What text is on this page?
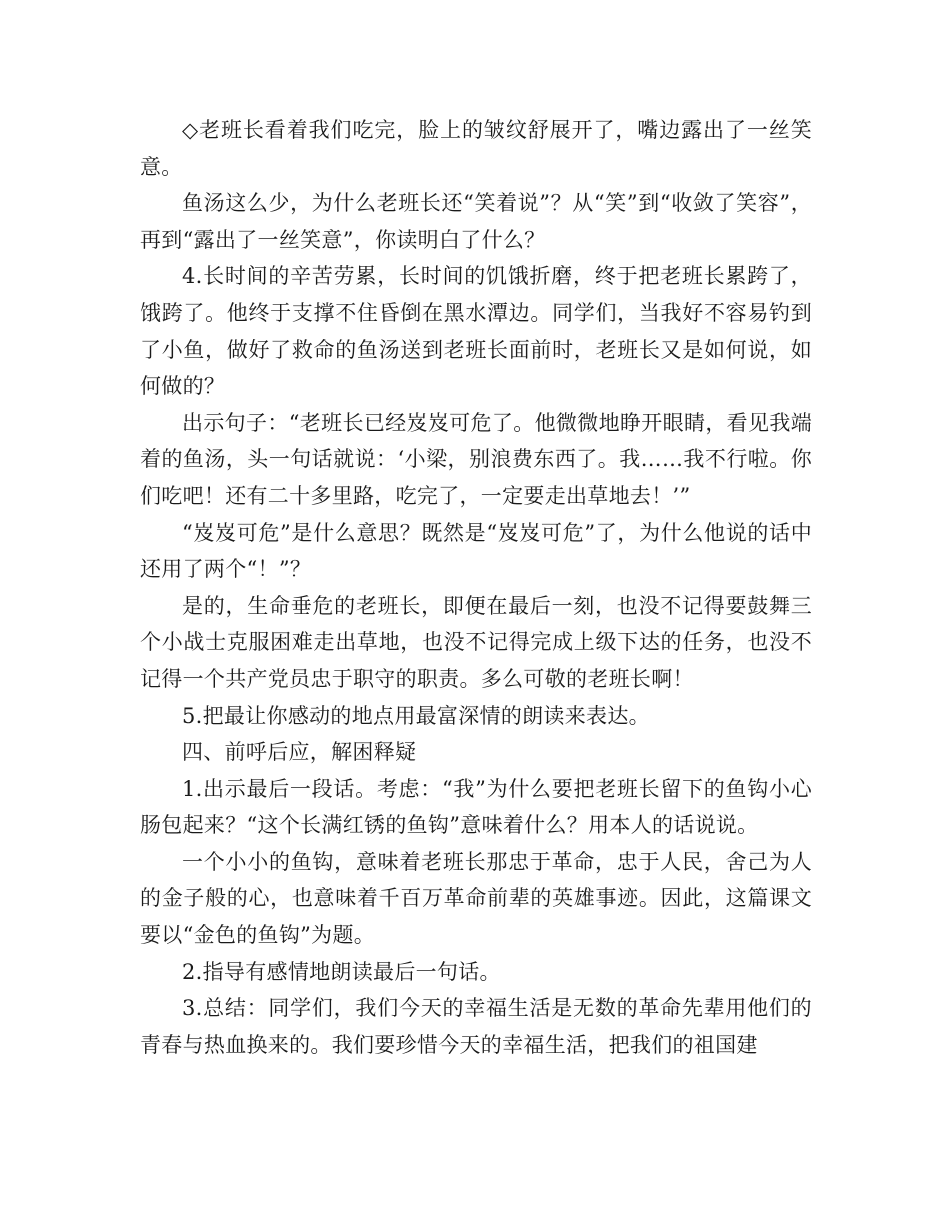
◇老班长看着我们吃完，脸上的皱纹舒展开了，嘴边露出了一丝笑意。

鱼汤这么少，为什么老班长还“笑着说”？从“笑”到“收敛了笑容”，再到“露出了一丝笑意”，你读明白了什么？

4.长时间的辛苦劳累，长时间的饥饿折磨，终于把老班长累跨了，饿跨了。他终于支撑不住昏倒在黑水潭边。同学们，当我好不容易钓到了小鱼，做好了救命的鱼汤送到老班长面前时，老班长又是如何说，如何做的？

出示句子：“老班长已经岌岌可危了。他微微地睁开眼睛，看见我端着的鱼汤，头一句话就说：‘小梁，别浪费东西了。我……我不行啦。你们吃吧！还有二十多里路，吃完了，一定要走出草地去！’”

“岌岌可危”是什么意思？既然是“岌岌可危”了，为什么他说的话中还用了两个“！”？

是的，生命垂危的老班长，即便在最后一刻，也没不记得要鼓舞三个小战士克服困难走出草地，也没不记得完成上级下达的任务，也没不记得一个共产党员忠于职守的职责。多么可敬的老班长啊！

5.把最让你感动的地点用最富深情的朗读来表达。

四、前呼后应，解困释疑

1.出示最后一段话。考虑：“我”为什么要把老班长留下的鱼钩小心肠包起来？“这个长满红锈的鱼钩”意味着什么？用本人的话说说。

一个小小的鱼钩，意味着老班长那忠于革命，忠于人民，舍己为人的金子般的心，也意味着千百万革命前辈的英雄事迹。因此，这篇课文要以“金色的鱼钩”为题。

2.指导有感情地朗读最后一句话。

3.总结：同学们，我们今天的幸福生活是无数的革命先辈用他们的青春与热血换来的。我们要珍惜今天的幸福生活，把我们的祖国建
